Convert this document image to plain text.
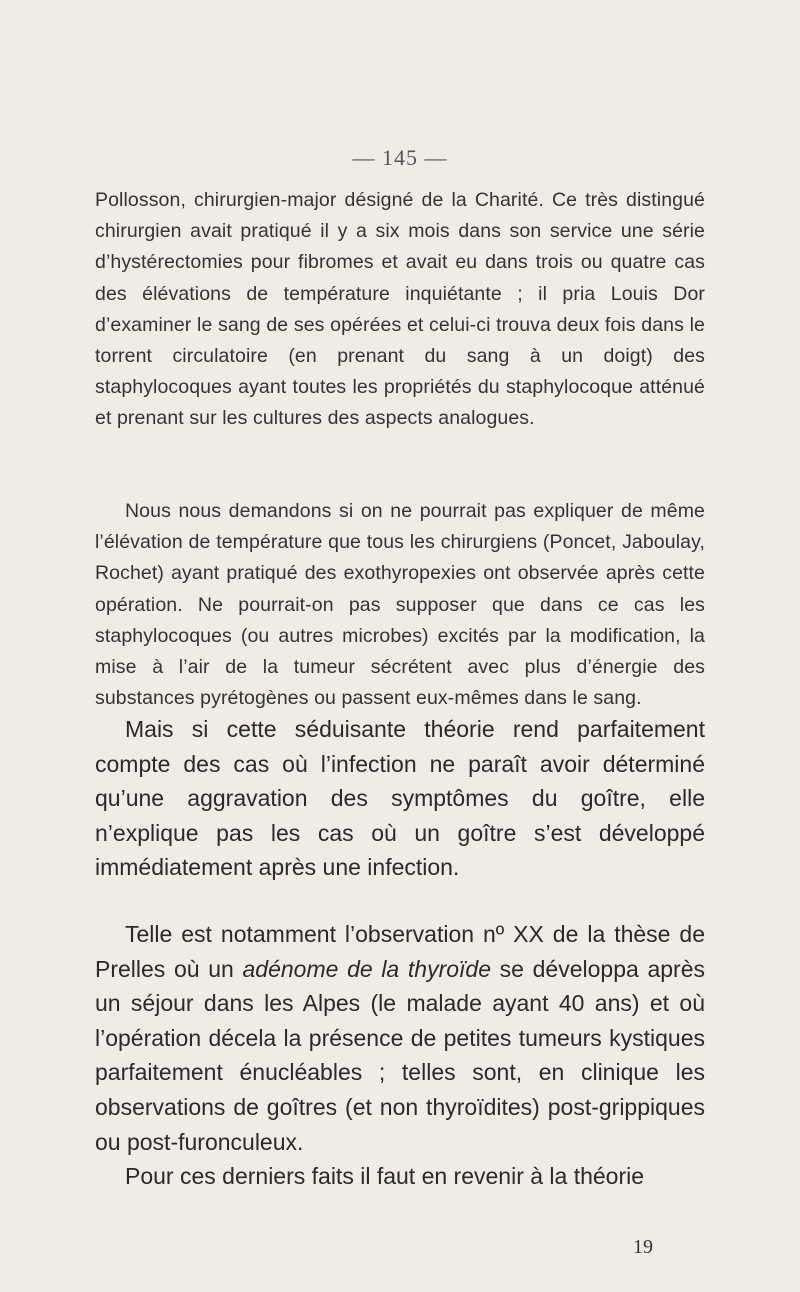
— 145 —

Pollosson, chirurgien-major désigné de la Charité. Ce très distingué chirurgien avait pratiqué il y a six mois dans son service une série d’hystérectomies pour fibromes et avait eu dans trois ou quatre cas des élévations de température inquiétante ; il pria Louis Dor d’examiner le sang de ses opérées et celui-ci trouva deux fois dans le torrent circulatoire (en prenant du sang à un doigt) des staphylocoques ayant toutes les propriétés du staphylocoque atténué et prenant sur les cultures des aspects analogues.

Nous nous demandons si on ne pourrait pas expliquer de même l’élévation de température que tous les chirurgiens (Poncet, Jaboulay, Rochet) ayant pratiqué des exothyropexies ont observée après cette opération. Ne pourrait-on pas supposer que dans ce cas les staphylocoques (ou autres microbes) excités par la modification, la mise à l’air de la tumeur sécrétent avec plus d’énergie des substances pyrétogènes ou passent eux-mêmes dans le sang.

Mais si cette séduisante théorie rend parfaitement compte des cas où l’infection ne paraît avoir déterminé qu’une aggravation des symptômes du goître, elle n’explique pas les cas où un goître s’est développé immédiatement après une infection.

Telle est notamment l’observation nº XX de la thèse de Prelles où un adénome de la thyroïde se développa après un séjour dans les Alpes (le malade ayant 40 ans) et où l’opération décela la présence de petites tumeurs kystiques parfaitement énucléables ; telles sont, en clinique les observations de goîtres (et non thyroïdites) post-grippiques ou post-furonculeux.

Pour ces derniers faits il faut en revenir à la théorie

19
